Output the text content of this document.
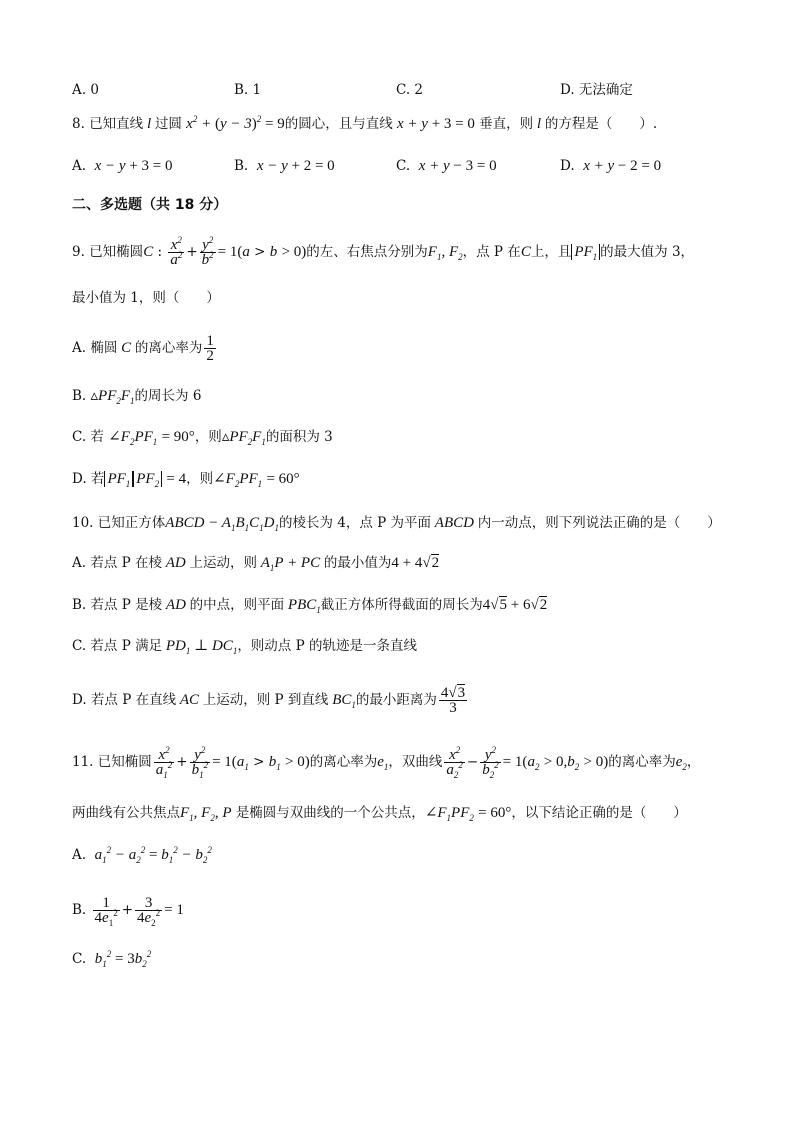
A. 0	B. 1	C. 2	D. 无法确定
8. 已知直线 l 过圆 $x^2 + (y - 3)^2 = 9$的圆心，且与直线 x + y + 3 = 0 垂直，则 l 的方程是（　　）.
A. x − y + 3 = 0	B. x − y + 2 = 0	C. x + y − 3 = 0	D. x + y − 2 = 0
二、多选题（共 18 分）
9. 已知椭圆C : $\frac{x^2}{a^2} + \frac{y^2}{b^2} = 1(a > b > 0)$的左、右焦点分别为$F_1$, $F_2$，点 P 在C上，且 $PF_1$ 的最大值为 3，
最小值为 1，则（　　）
A. 椭圆 C 的离心率为 $\frac{1}{2}$
B. $▵PF_2F_1$的周长为 6
C. 若 $\angle F_2PF_1 = 90^\circ$，则$▵PF_2F_1$的面积为 3
D. 若 $PF_1$ $PF_2 = 4$，则$\angle F_2PF_1 = 60^\circ$
10. 已知正方体ABCD − $A_1B_1C_1D_1$的棱长为 4，点 P 为平面 ABCD 内一动点，则下列说法正确的是（　　）
A. 若点 P 在棱 AD 上运动，则 $A_1P$ + PC 的最小值为4 + 4√2
B. 若点 P 是棱 AD 的中点，则平面 $PBC_1$截正方体所得截面的周长为4√5 + 6√2
C. 若点 P 满足 $PD_1$ ⊥ $DC_1$，则动点 P 的轨迹是一条直线
D. 若点 P 在直线 AC 上运动，则 P 到直线 $BC_1$的最小距离为 $\frac{4√3}{3}$
11. 已知椭圆 $\frac{x^2}{a_1^2} + \frac{y^2}{b_1^2} = 1(a_1 > b_1 > 0)$的离心率为$e_1$，双曲线 $\frac{x^2}{a_2^2} - \frac{y^2}{b_2^2} = 1(a_2 > 0,b_2 > 0)$的离心率为$e_2$，
两曲线有公共焦点$F_1$, $F_2$, P 是椭圆与双曲线的一个公共点，$\angle F_1PF_2 = 60^\circ$，以下结论正确的是（　　）
A. $a_1^2 - a_2^2 = b_1^2 - b_2^2$
B. $\frac{1}{4e_1^2} + \frac{3}{4e_2^2} = 1$
C. $b_1^2 = 3b_2^2$
